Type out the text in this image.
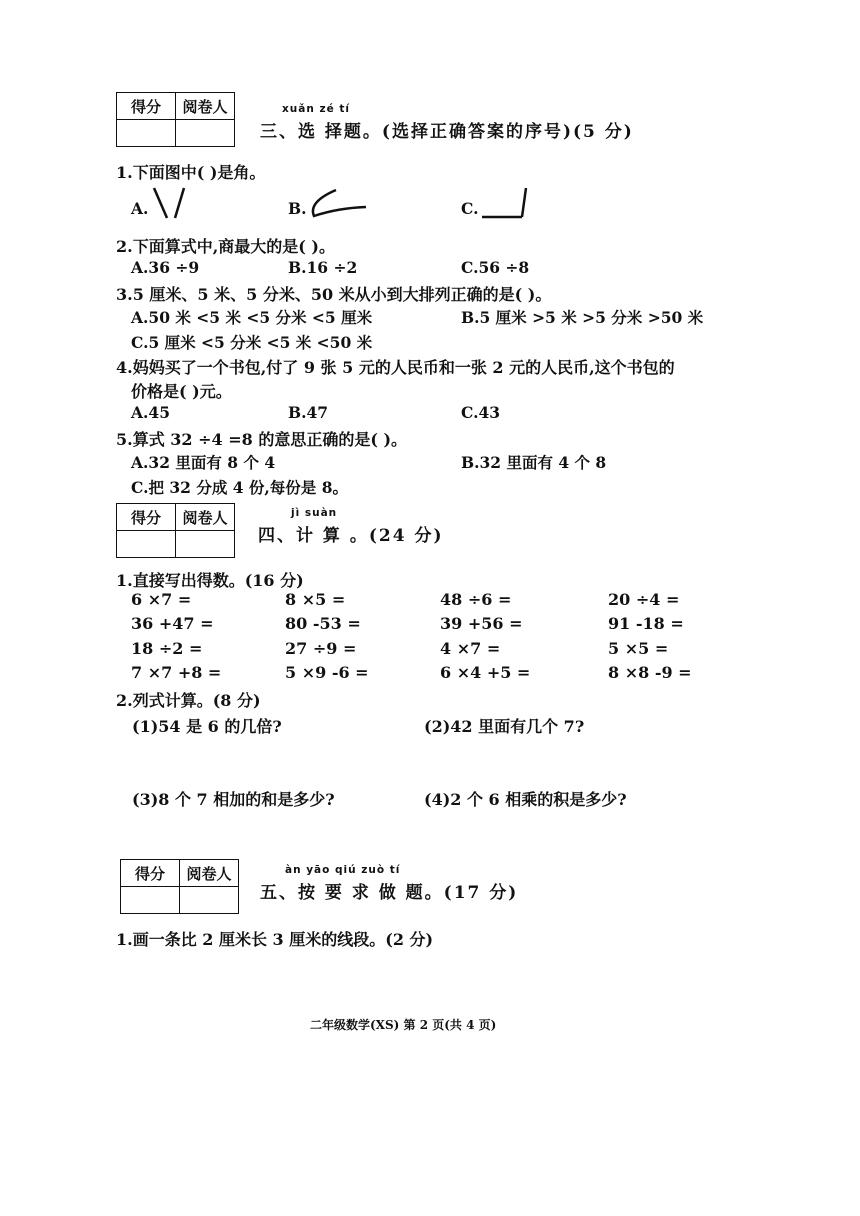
得分	阅卷人
		xuǎn zé tí
三、选 择题。(选择正确答案的序号)(5 分)
1.下面图中( )是角。
A.	B.	C.
2.下面算式中,商最大的是( )。
A.36 ÷9	B.16 ÷2	C.56 ÷8
3.5 厘米、5 米、5 分米、50 米从小到大排列正确的是( )。
A.50 米 <5 米 <5 分米 <5 厘米	B.5 厘米 >5 米 >5 分米 >50 米
C.5 厘米 <5 分米 <5 米 <50 米
4.妈妈买了一个书包,付了 9 张 5 元的人民币和一张 2 元的人民币,这个书包的
价格是( )元。
A.45	B.47	C.43
5.算式 32 ÷4 =8 的意思正确的是( )。
A.32 里面有 8 个 4	B.32 里面有 4 个 8
C.把 32 分成 4 份,每份是 8。
得分	阅卷人
		jì suàn
四、计 算 。(24 分)
1.直接写出得数。(16 分)
6 ×7 =	8 ×5 =	48 ÷6 =	20 ÷4 =
36 +47 =	80 -53 =	39 +56 =	91 -18 =
18 ÷2 =	27 ÷9 =	4 ×7 =	5 ×5 =
7 ×7 +8 =	5 ×9 -6 =	6 ×4 +5 =	8 ×8 -9 =
2.列式计算。(8 分)
(1)54 是 6 的几倍?	(2)42 里面有几个 7?
(3)8 个 7 相加的和是多少?	(4)2 个 6 相乘的积是多少?
得分	阅卷人
		àn yāo qiú zuò tí
五、按 要 求 做 题。(17 分)
1.画一条比 2 厘米长 3 厘米的线段。(2 分)
二年级数学(XS) 第 2 页(共 4 页)
